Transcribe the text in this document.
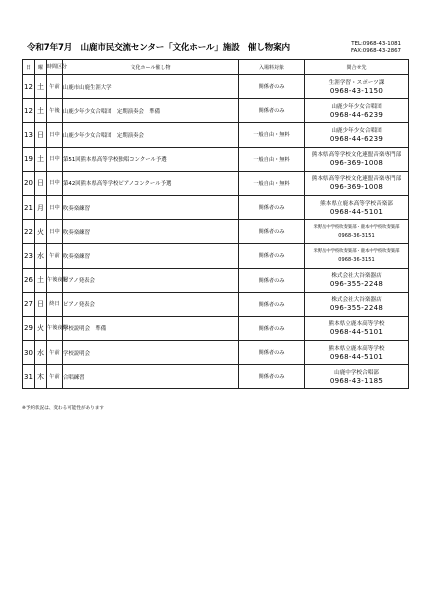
令和7年7月　山鹿市民交流センター「文化ホール」施設　催し物案内	TEL:0968-43-1081
FAX:0968-43-2867
日	曜	時間区分	文化ホール催し物	入場料対象	問合せ先
12	土	午前	山鹿市山鹿生涯大学	関係者のみ	生涯学習・スポーツ課
0968-43-1150

12	土	午後	山鹿少年少女合唱団　定期演奏会　準備	関係者のみ	山鹿少年少女合唱団
0968-44-6239

13	日	日中	山鹿少年少女合唱団　定期演奏会	一般自由・無料	山鹿少年少女合唱団
0968-44-6239

19	土	日中	第51回熊本県高等学校独唱コンクール予選	一般自由・無料	熊本県高等学校文化連盟音楽専門部
096-369-1008

20	日	日中	第42回熊本県高等学校ピアノコンクール予選	一般自由・無料	熊本県高等学校文化連盟音楽専門部
096-369-1008

21	月	日中	吹奏楽練習	関係者のみ	熊本県立鹿本高等学校音楽部
0968-44-5101

22	火	日中	吹奏楽練習	関係者のみ	米野岳中学校吹奏楽部・鹿本中学校吹奏楽部
0968-36-3151

23	水	午前	吹奏楽練習	関係者のみ	米野岳中学校吹奏楽部・鹿本中学校吹奏楽部
0968-36-3151

26	土	午後夜間	ピアノ発表会	関係者のみ	株式会社大谷楽器店
096-355-2248

27	日	終日	ピアノ発表会	関係者のみ	株式会社大谷楽器店
096-355-2248

29	火	午後夜間	学校説明会　準備	関係者のみ	熊本県立鹿本高等学校
0968-44-5101

30	水	午前	学校説明会	関係者のみ	熊本県立鹿本高等学校
0968-44-5101

31	木	午前	合唱練習	関係者のみ	山鹿中学校合唱部
0968-43-1185
※予約状況は、変わる可能性があります
